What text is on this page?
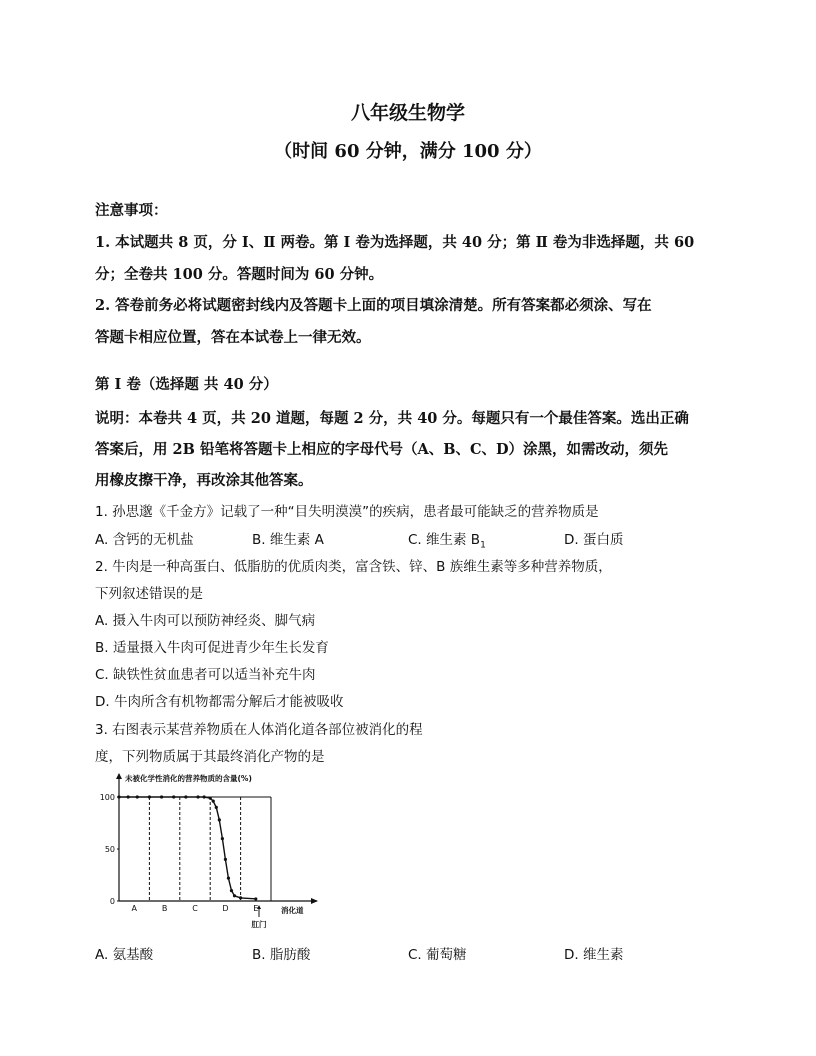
八年级生物学
（时间 60 分钟，满分 100 分）
注意事项：
1. 本试题共 8 页，分 Ⅰ、Ⅱ 两卷。第 Ⅰ 卷为选择题，共 40 分；第 Ⅱ 卷为非选择题，共 60
分；全卷共 100 分。答题时间为 60 分钟。
2. 答卷前务必将试题密封线内及答题卡上面的项目填涂清楚。所有答案都必须涂、写在
答题卡相应位置，答在本试卷上一律无效。
第 Ⅰ 卷（选择题 共 40 分）
说明：本卷共 4 页，共 20 道题，每题 2 分，共 40 分。每题只有一个最佳答案。选出正确
答案后，用 2B 铅笔将答题卡上相应的字母代号（A、B、C、D）涂黑，如需改动，须先
用橡皮擦干净，再改涂其他答案。
1. 孙思邈《千金方》记载了一种“目失明漠漠”的疾病，患者最可能缺乏的营养物质是
A. 含钙的无机盐	B. 维生素 A	C. 维生素 $B_1$	D. 蛋白质
2. 牛肉是一种高蛋白、低脂肪的优质肉类，富含铁、锌、B 族维生素等多种营养物质，
下列叙述错误的是
A. 摄入牛肉可以预防神经炎、脚气病
B. 适量摄入牛肉可促进青少年生长发育
C. 缺铁性贫血患者可以适当补充牛肉
D. 牛肉所含有机物都需分解后才能被吸收
3. 右图表示某营养物质在人体消化道各部位被消化的程
度，下列物质属于其最终消化产物的是
未被化学性消化的营养物质的含量(%)
100
50
0
A	B	C	D	E
肛门
消化道
A. 氨基酸	B. 脂肪酸	C. 葡萄糖	D. 维生素
